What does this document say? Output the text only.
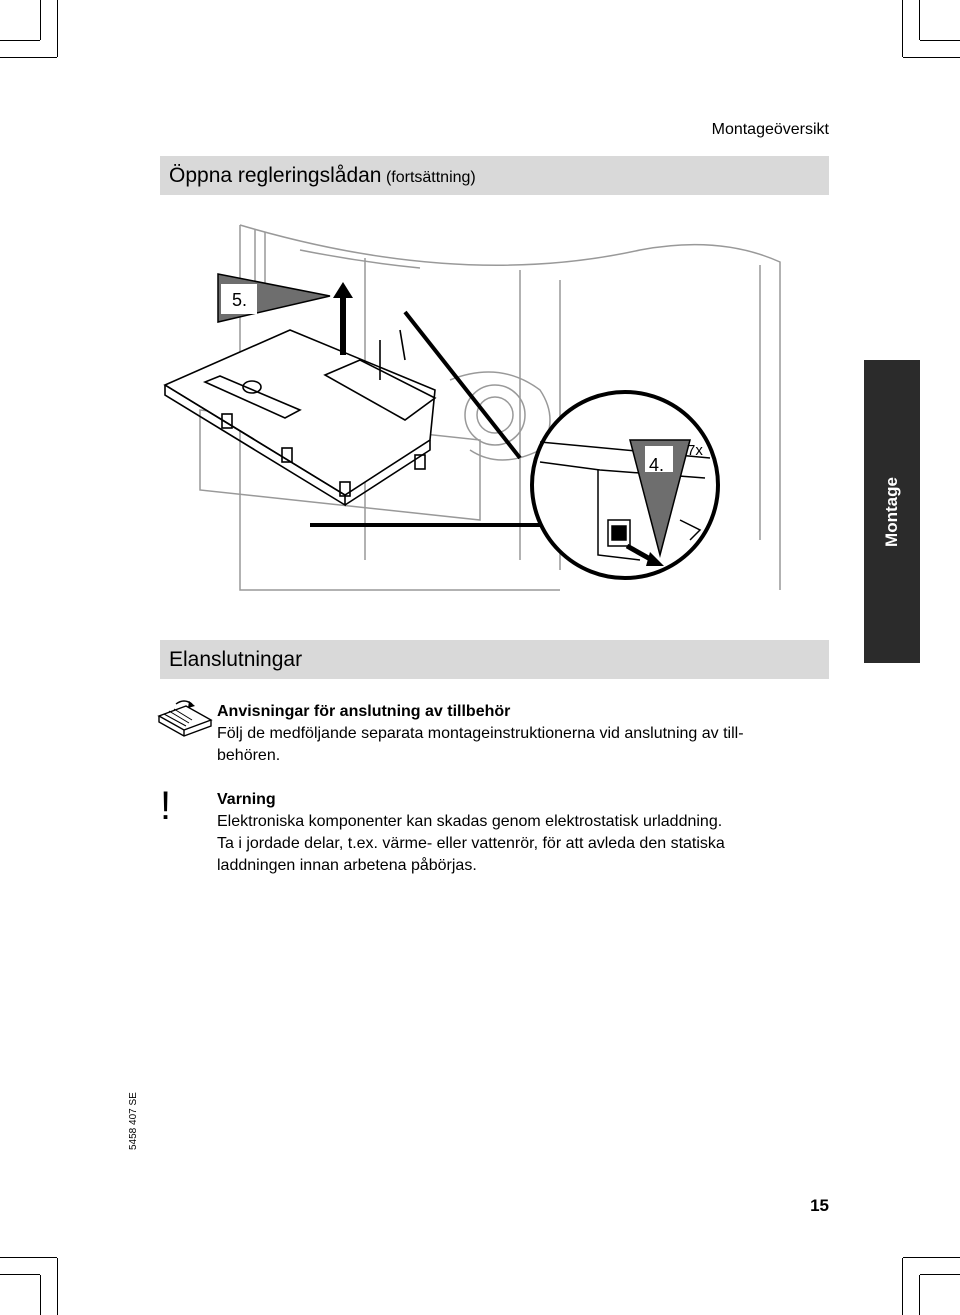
Montageöversikt
Öppna regleringslådan (fortsättning)
5.
4.
7x
Montage
Elanslutningar
Anvisningar för anslutning av tillbehör
Följ de medföljande separata montageinstruktionerna vid anslutning av till-
behören.
!	Varning
Elektroniska komponenter kan skadas genom elektrostatisk urladdning.
Ta i jordade delar, t.ex. värme- eller vattenrör, för att avleda den statiska
laddningen innan arbetena påbörjas.
5458 407 SE
15
